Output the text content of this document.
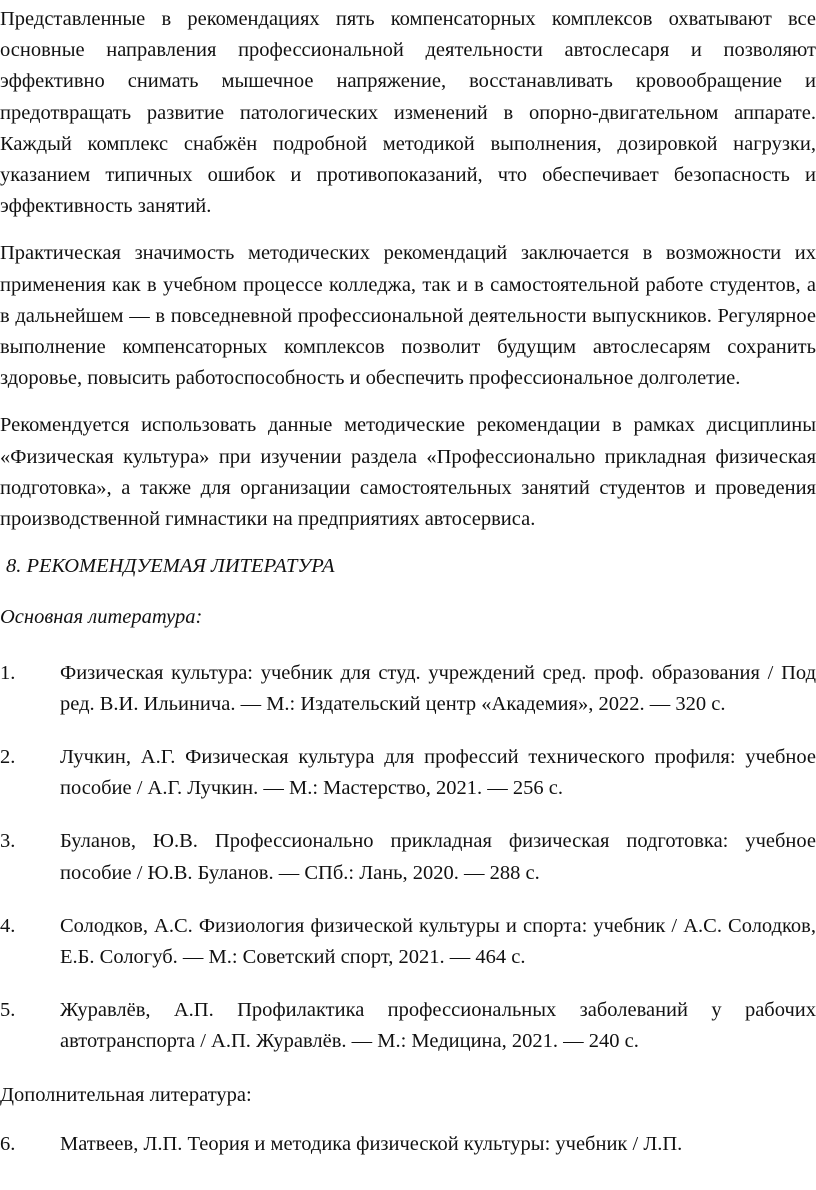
Представленные в рекомендациях пять компенсаторных комплексов охватывают все основные направления профессиональной деятельности автослесаря и позволяют эффективно снимать мышечное напряжение, восстанавливать кровообращение и предотвращать развитие патологических изменений в опорно-двигательном аппарате. Каждый комплекс снабжён подробной методикой выполнения, дозировкой нагрузки, указанием типичных ошибок и противопоказаний, что обеспечивает безопасность и эффективность занятий.

Практическая значимость методических рекомендаций заключается в возможности их применения как в учебном процессе колледжа, так и в самостоятельной работе студентов, а в дальнейшем — в повседневной профессиональной деятельности выпускников. Регулярное выполнение компенсаторных комплексов позволит будущим автослесарям сохранить здоровье, повысить работоспособность и обеспечить профессиональное долголетие.

Рекомендуется использовать данные методические рекомендации в рамках дисциплины «Физическая культура» при изучении раздела «Профессионально прикладная физическая подготовка», а также для организации самостоятельных занятий студентов и проведения производственной гимнастики на предприятиях автосервиса.

8. РЕКОМЕНДУЕМАЯ ЛИТЕРАТУРА
Основная литература:
1.	Физическая культура: учебник для студ. учреждений сред. проф. образования / Под ред. В.И. Ильинича. — М.: Издательский центр «Академия», 2022. — 320 с.
2.	Лучкин, А.Г. Физическая культура для профессий технического профиля: учебное пособие / А.Г. Лучкин. — М.: Мастерство, 2021. — 256 с.
3.	Буланов, Ю.В. Профессионально прикладная физическая подготовка: учебное пособие / Ю.В. Буланов. — СПб.: Лань, 2020. — 288 с.
4.	Солодков, А.С. Физиология физической культуры и спорта: учебник / А.С. Солодков, Е.Б. Сологуб. — М.: Советский спорт, 2021. — 464 с.
5.	Журавлёв, А.П. Профилактика профессиональных заболеваний у рабочих автотранспорта / А.П. Журавлёв. — М.: Медицина, 2021. — 240 с.
Дополнительная литература:
6.	Матвеев, Л.П. Теория и методика физической культуры: учебник / Л.П.
